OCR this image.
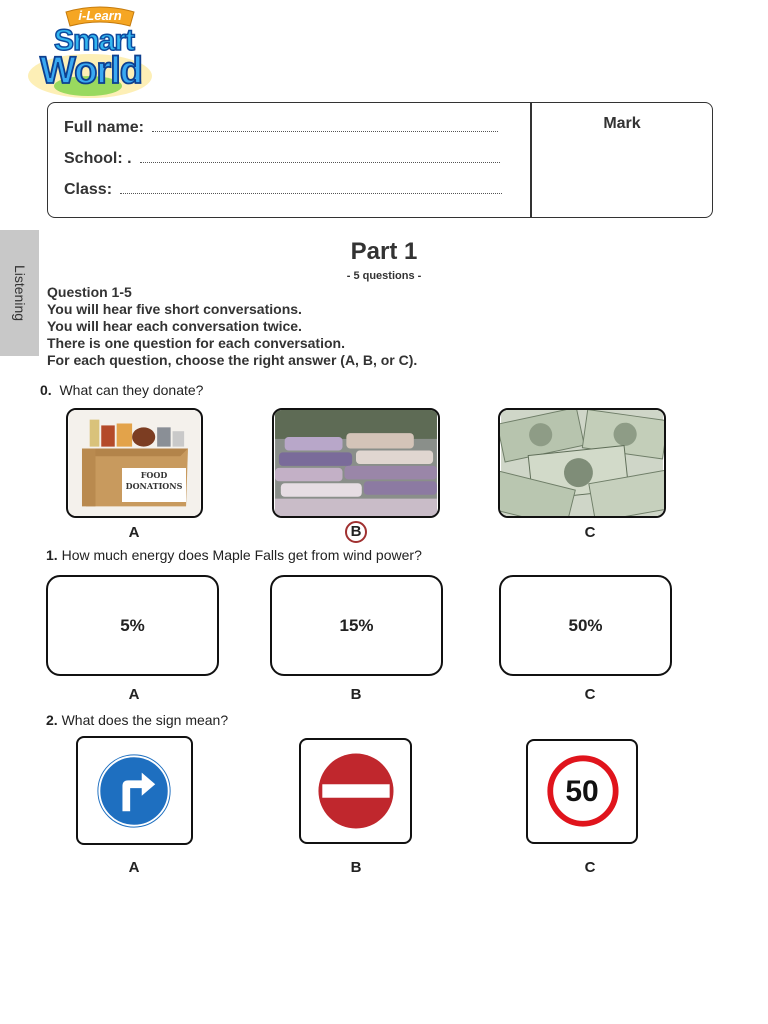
i-Learn
Smart
World
Full name:
School: .
Class:
Mark
Listening
Part 1
- 5 questions -
Question 1-5
You will hear five short conversations.
You will hear each conversation twice.
There is one question for each conversation.
For each question, choose the right answer (A, B, or C).
0. What can they donate?
FOOD DONATIONS
A	B	C
1. How much energy does Maple Falls get from wind power?
5%	15%	50%
A	B	C
2. What does the sign mean?
50
A	B	C
